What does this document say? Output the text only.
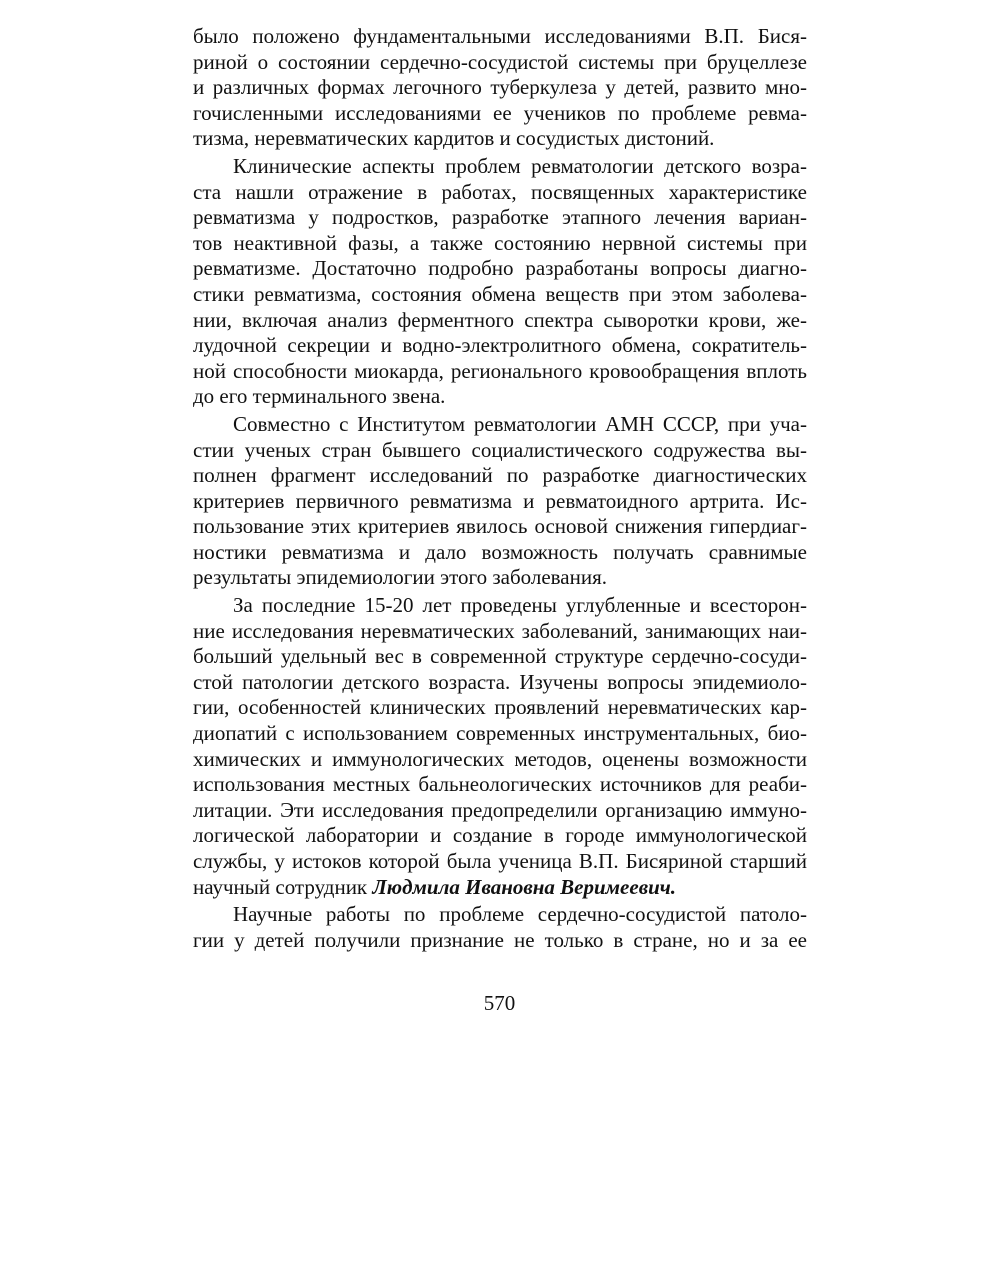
было положено фундаментальными исследованиями В.П. Бися-
риной о состоянии сердечно-сосудистой системы при бруцеллезе
и различных формах легочного туберкулеза у детей, развито мно-
гочисленными исследованиями ее учеников по проблеме ревма-
тизма, неревматических кардитов и сосудистых дистоний.
Клинические аспекты проблем ревматологии детского возра-
ста нашли отражение в работах, посвященных характеристике
ревматизма у подростков, разработке этапного лечения вариан-
тов неактивной фазы, а также состоянию нервной системы при
ревматизме. Достаточно подробно разработаны вопросы диагно-
стики ревматизма, состояния обмена веществ при этом заболева-
нии, включая анализ ферментного спектра сыворотки крови, же-
лудочной секреции и водно-электролитного обмена, сократитель-
ной способности миокарда, регионального кровообращения вплоть
до его терминального звена.
Совместно с Институтом ревматологии АМН СССР, при уча-
стии ученых стран бывшего социалистического содружества вы-
полнен фрагмент исследований по разработке диагностических
критериев первичного ревматизма и ревматоидного артрита. Ис-
пользование этих критериев явилось основой снижения гипердиаг-
ностики ревматизма и дало возможность получать сравнимые
результаты эпидемиологии этого заболевания.
За последние 15-20 лет проведены углубленные и всесторон-
ние исследования неревматических заболеваний, занимающих наи-
больший удельный вес в современной структуре сердечно-сосуди-
стой патологии детского возраста. Изучены вопросы эпидемиоло-
гии, особенностей клинических проявлений неревматических кар-
диопатий с использованием современных инструментальных, био-
химических и иммунологических методов, оценены возможности
использования местных бальнеологических источников для реаби-
литации. Эти исследования предопределили организацию иммуно-
логической лаборатории и создание в городе иммунологической
службы, у истоков которой была ученица В.П. Бисяриной старший
научный сотрудник Людмила Ивановна Веримеевич.
Научные работы по проблеме сердечно-сосудистой патоло-
гии у детей получили признание не только в стране, но и за ее
570
